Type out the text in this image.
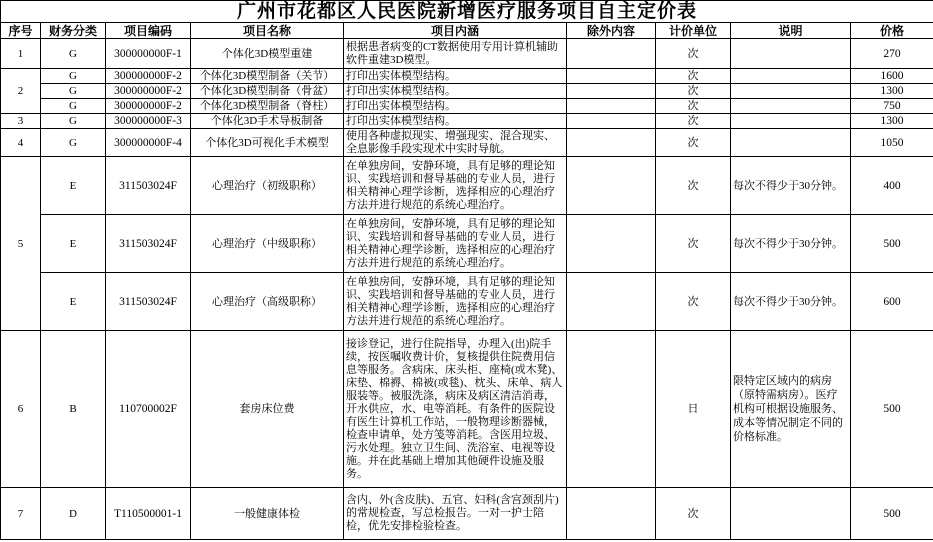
广州市花都区人民医院新增医疗服务项目自主定价表								
序号	财务分类	项目编码	项目名称	项目内涵	除外内容	计价单位	说明	价格
1	G	300000000F-1	个体化3D模型重建	根据患者病变的CT数据使用专用计算机辅助软件重建3D模型。		次		270
2	G	300000000F-2	个体化3D模型制备（关节）	打印出实体模型结构。		次		1600
	G	300000000F-2	个体化3D模型制备（骨盆）	打印出实体模型结构。		次		1300
	G	300000000F-2	个体化3D模型制备（脊柱）	打印出实体模型结构。		次		750
3	G	300000000F-3	个体化3D手术导板制备	打印出实体模型结构。		次		1300
4	G	300000000F-4	个体化3D可视化手术模型	使用各种虚拟现实、增强现实、混合现实、全息影像手段实现术中实时导航。		次		1050
5	E	311503024F	心理治疗（初级职称）	在单独房间，安静环境，具有足够的理论知识、实践培训和督导基础的专业人员，进行相关精神心理学诊断，选择相应的心理治疗方法并进行规范的系统心理治疗。		次	每次不得少于30分钟。	400
	E	311503024F	心理治疗（中级职称）	在单独房间，安静环境，具有足够的理论知识、实践培训和督导基础的专业人员，进行相关精神心理学诊断，选择相应的心理治疗方法并进行规范的系统心理治疗。		次	每次不得少于30分钟。	500
	E	311503024F	心理治疗（高级职称）	在单独房间，安静环境，具有足够的理论知识、实践培训和督导基础的专业人员，进行相关精神心理学诊断，选择相应的心理治疗方法并进行规范的系统心理治疗。		次	每次不得少于30分钟。	600
6	B	110700002F	套房床位费	接诊登记，进行住院指导，办理入(出)院手续，按医嘱收费计价，复核提供住院费用信息等服务。含病床、床头柜、座椅(或木凳)、床垫、棉褥、棉被(或毯)、枕头、床单、病人服装等。被服洗涤，病床及病区清洁消毒，开水供应，水、电等消耗。有条件的医院设有医生计算机工作站，一般物理诊断器械，检查申请单，处方笺等消耗。含医用垃圾、污水处理。独立卫生间、洗浴室、电视等设施。并在此基础上增加其他硬件设施及服务。		日	限特定区域内的病房（原特需病房）。医疗机构可根据设施服务、成本等情况制定不同的价格标准。	500
7	D	T110500001-1	一般健康体检	含内、外(含皮肤)、五官、妇科(含宫颈刮片)的常规检查，写总检报告。一对一护士陪检，优先安排检验检查。		次		500
